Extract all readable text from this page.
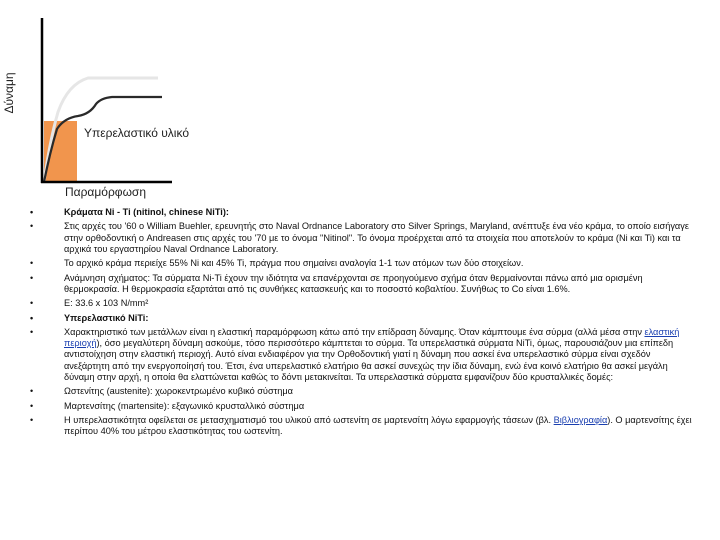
Δύναμη
Παραμόρφωση
Υπερελαστικό υλικό
•	Κράματα Ni - Ti (nitinol, chinese NiTi):
•	Στις αρχές του '60 ο William Buehler, ερευνητής στο Naval Ordnance Laboratory στο Silver Springs, Maryland, ανέπτυξε ένα νέο κράμα, το οποίο εισήγαγε στην ορθοδοντική ο Andreasen στις αρχές του '70 με το όνομα "Nitinol". Το όνομα προέρχεται από τα στοιχεία που αποτελούν το κράμα (Ni και Ti) και τα αρχικά του εργαστηρίου Naval Ordnance Laboratory.
•	Το αρχικό κράμα περιείχε 55% Ni και 45% Ti, πράγμα που σημαίνει αναλογία 1-1 των ατόμων των δύο στοιχείων.
•	Ανάμνηση σχήματος: Τα σύρματα Ni-Ti έχουν την ιδιότητα να επανέρχονται σε προηγούμενο σχήμα όταν θερμαίνονται πάνω από μια ορισμένη θερμοκρασία. Η θερμοκρασία εξαρτάται από τις συνθήκες κατασκευής και το ποσοστό κοβαλτίου. Συνήθως το Co είναι 1.6%.
•	E: 33.6 x 103 N/mm²
•	Υπερελαστικό NiTi:
•	Χαρακτηριστικό των μετάλλων είναι η ελαστική παραμόρφωση κάτω από την επίδραση δύναμης. Όταν κάμπτουμε ένα σύρμα (αλλά μέσα στην ελαστική περιοχή), όσο μεγαλύτερη δύναμη ασκούμε, τόσο περισσότερο κάμπτεται το σύρμα. Τα υπερελαστικά σύρματα NiTi, όμως, παρουσιάζουν μια επίπεδη αντιστοίχηση στην ελαστική περιοχή. Αυτό είναι ενδιαφέρον για την Ορθοδοντική γιατί η δύναμη που ασκεί ένα υπερελαστικό σύρμα είναι σχεδόν ανεξάρτητη από την ενεργοποίησή του. Έτσι, ένα υπερελαστικό ελατήριο θα ασκεί συνεχώς την ίδια δύναμη, ενώ ένα κοινό ελατήριο θα ασκεί μεγάλη δύναμη στην αρχή, η οποία θα ελαττώνεται καθώς το δόντι μετακινείται. Τα υπερελαστικά σύρματα εμφανίζουν δύο κρυσταλλικές δομές:
•	Ωστενίτης (austenite): χωροκεντρωμένο κυβικό σύστημα
•	Μαρτενσίτης (martensite): εξαγωνικό κρυσταλλικό σύστημα
•	Η υπερελαστικότητα οφείλεται σε μετασχηματισμό του υλικού από ωστενίτη σε μαρτενσίτη λόγω εφαρμογής τάσεων (βλ. Βιβλιογραφία). Ο μαρτενσίτης έχει περίπου 40% του μέτρου ελαστικότητας του ωστενίτη.
